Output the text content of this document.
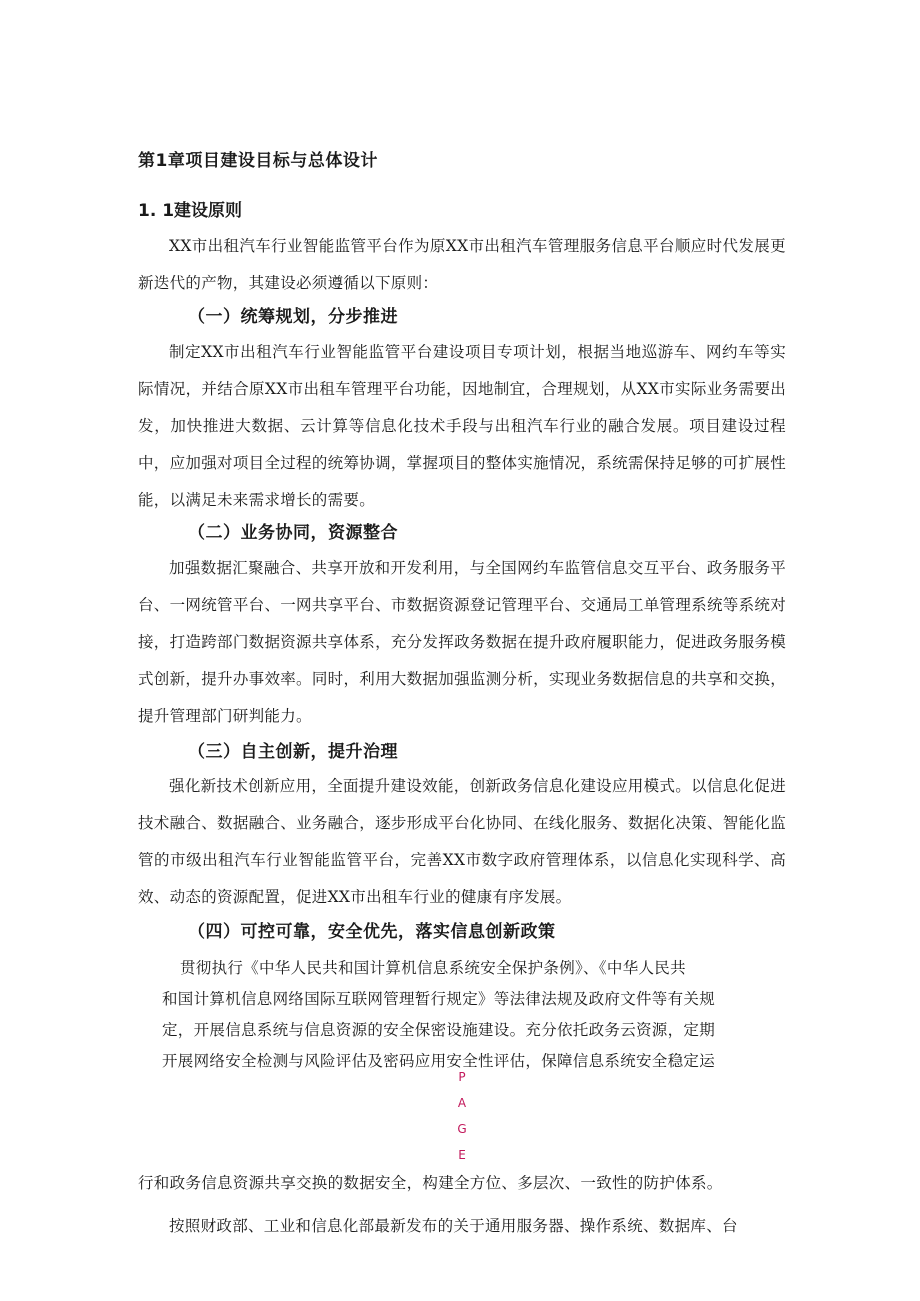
第1章项目建设目标与总体设计
1. 1建设原则

XX市出租汽车行业智能监管平台作为原XX市出租汽车管理服务信息平台顺应时代发展更新迭代的产物，其建设必须遵循以下原则：

（一）统筹规划，分步推进

制定XX市出租汽车行业智能监管平台建设项目专项计划，根据当地巡游车、网约车等实际情况，并结合原XX市出租车管理平台功能，因地制宜，合理规划，从XX市实际业务需要出发，加快推进大数据、云计算等信息化技术手段与出租汽车行业的融合发展。项目建设过程中，应加强对项目全过程的统筹协调，掌握项目的整体实施情况，系统需保持足够的可扩展性能，以满足未来需求增长的需要。

（二）业务协同，资源整合

加强数据汇聚融合、共享开放和开发利用，与全国网约车监管信息交互平台、政务服务平台、一网统管平台、一网共享平台、市数据资源登记管理平台、交通局工单管理系统等系统对接，打造跨部门数据资源共享体系，充分发挥政务数据在提升政府履职能力，促进政务服务模式创新，提升办事效率。同时，利用大数据加强监测分析，实现业务数据信息的共享和交换，提升管理部门研判能力。

（三）自主创新，提升治理

强化新技术创新应用，全面提升建设效能，创新政务信息化建设应用模式。以信息化促进技术融合、数据融合、业务融合，逐步形成平台化协同、在线化服务、数据化决策、智能化监管的市级出租汽车行业智能监管平台，完善XX市数字政府管理体系，以信息化实现科学、高效、动态的资源配置，促进XX市出租车行业的健康有序发展。

（四）可控可靠，安全优先，落实信息创新政策
贯彻执行《中华人民共和国计算机信息系统安全保护条例》、《中华人民共
和国计算机信息网络国际互联网管理暂行规定》等法律法规及政府文件等有关规
定，开展信息系统与信息资源的安全保密设施建设。充分依托政务云资源，定期
开展网络安全检测与风险评估及密码应用安全性评估，保障信息系统安全稳定运
P
A
G
E

行和政务信息资源共享交换的数据安全，构建全方位、多层次、一致性的防护体系。

按照财政部、工业和信息化部最新发布的关于通用服务器、操作系统、数据库、台
